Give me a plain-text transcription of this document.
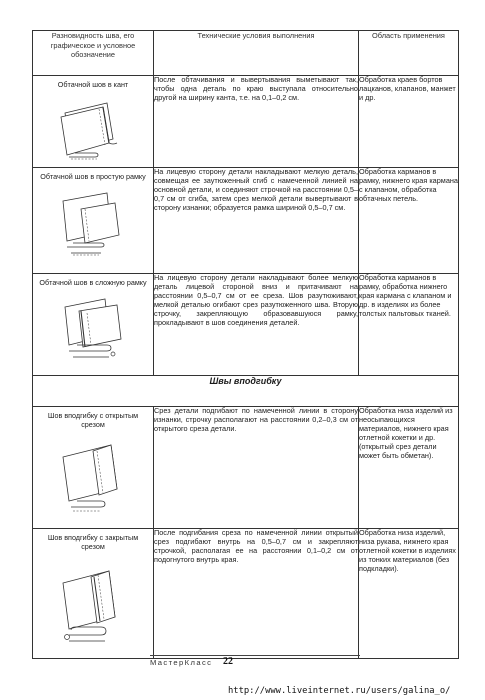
Разновидность шва, его графическое и условное обозначение	Технические условия выполнения	Область применения

Обтачной шов в кант	После обтачивания и вывертывания выметывают так, чтобы одна деталь по краю выступала относительно другой на ширину канта, т.е. на 0,1–0,2 см.	Обработка краев бортов лацканов, клапанов, манжет и др.

Обтачной шов в простую рамку	На лицевую сторону детали накладывают мелкую деталь, совмещая ее заутюженный сгиб с намеченной линией на основной детали, и соединяют строчкой на расстоянии 0,5–0,7 см от сгиба, затем срез мелкой детали вывертывают в сторону изнанки; образуется рамка шириной 0,5–0,7 см.	Обработка карманов в рамку, нижнего края кармана с клапаном, обработка обтачных петель.

Обтачной шов в сложную рамку	На лицевую сторону детали накладывают более мелкую деталь лицевой стороной вниз и притачивают на расстоянии 0,5–0,7 см от ее среза. Шов разутюживают, мелкой деталью огибают срез разутюженного шва. Вторую строчку, закрепляющую образовавшуюся рамку, прокладывают в шов соединения деталей.	Обработка карманов в рамку, обработка нижнего края кармана с клапаном и др. в изделиях из более толстых пальтовых тканей.
Швы вподгибку		

Шов вподгибку с открытым срезом	Срез детали подгибают по намеченной линии в сторону изнанки, строчку располагают на расстоянии 0,2–0,3 см от открытого среза детали.	Обработка низа изделий из неосыпающихся материалов, нижнего края отлетной кокетки и др. (открытый срез детали может быть обметан).

Шов вподгибку с закрытым срезом	После подгибания среза по намеченной линии открытый срез подгибают внутрь на 0,5–0,7 см и закрепляют строчкой, располагая ее на расстоянии 0,1–0,2 см от подогнутого внутрь края.	Обработка низа изделий, низа рукава, нижнего края отлетной кокетки в изделиях из тонких материалов (без подкладки).
МастерКласс 22
http://www.liveinternet.ru/users/galina_o/
